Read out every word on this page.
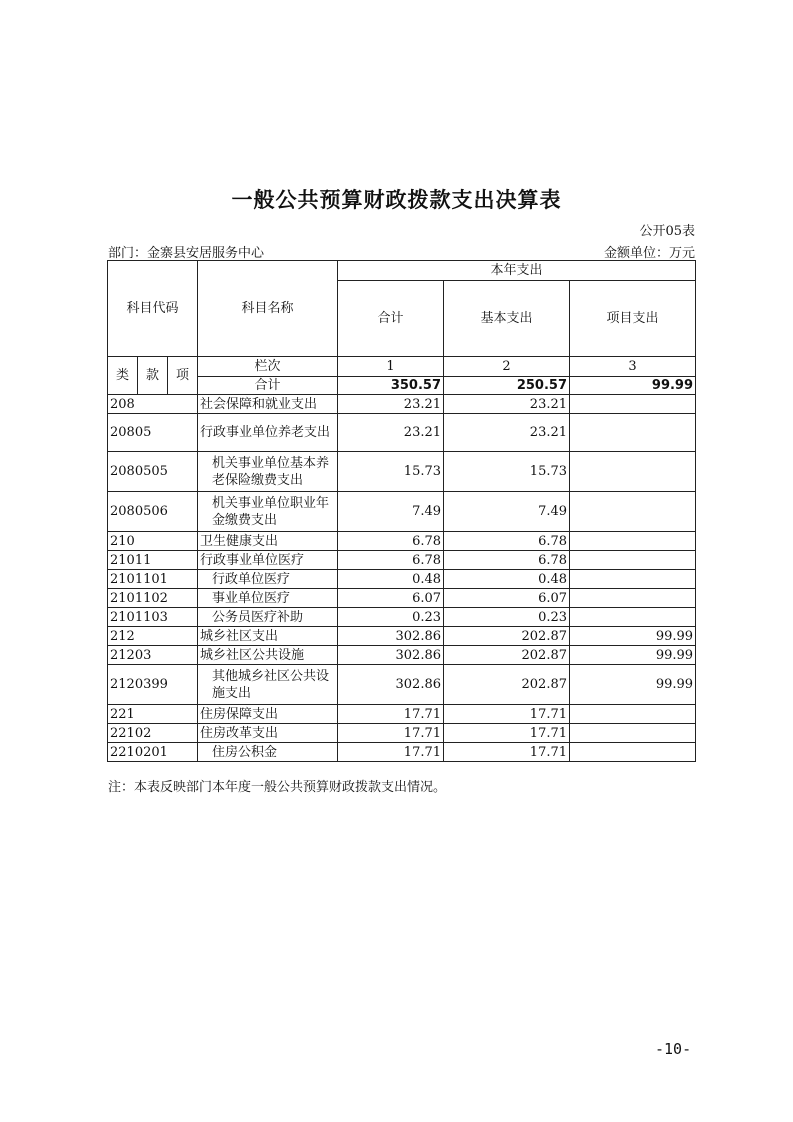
一般公共预算财政拨款支出决算表
公开05表
部门：金寨县安居服务中心	金额单位：万元
科目代码			科目名称	本年支出		
				合计	基本支出	项目支出
类	款	项	栏次	1	2	3
			合计	350.57	250.57	99.99
208			社会保障和就业支出	23.21	23.21	
20805			行政事业单位养老支出	23.21	23.21	
2080505			机关事业单位基本养老保险缴费支出	15.73	15.73	
2080506			机关事业单位职业年金缴费支出	7.49	7.49	
210			卫生健康支出	6.78	6.78	
21011			行政事业单位医疗	6.78	6.78	
2101101			行政单位医疗	0.48	0.48	
2101102			事业单位医疗	6.07	6.07	
2101103			公务员医疗补助	0.23	0.23	
212			城乡社区支出	302.86	202.87	99.99
21203			城乡社区公共设施	302.86	202.87	99.99
2120399			其他城乡社区公共设施支出	302.86	202.87	99.99
221			住房保障支出	17.71	17.71	
22102			住房改革支出	17.71	17.71	
2210201			住房公积金	17.71	17.71	
注：本表反映部门本年度一般公共预算财政拨款支出情况。
-10-
